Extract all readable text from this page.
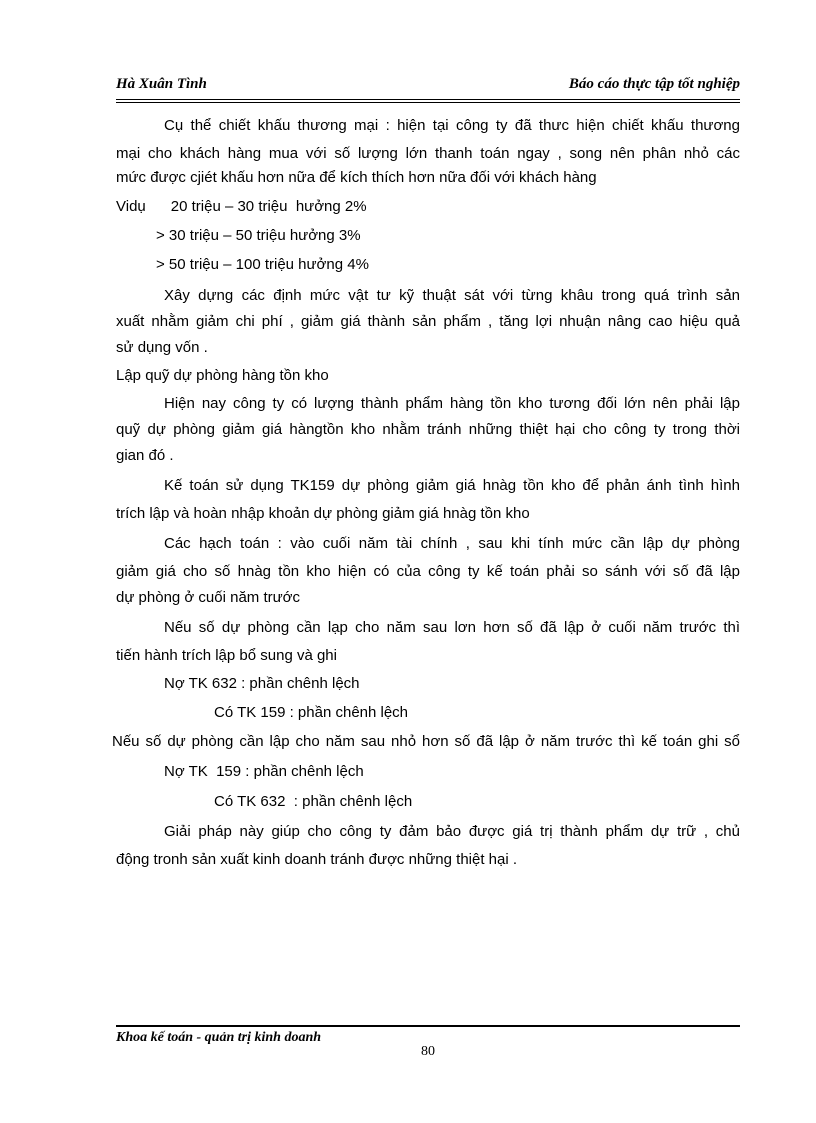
Hà Xuân Tình	Báo cáo thực tập tốt nghiệp
Cụ thể chiết khấu thương mại : hiện tại công ty đã thưc hiện chiết khấu thương
mại cho khách hàng mua với số lượng lớn thanh toán ngay , song nên phân nhỏ các
mức được cjiét khấu hơn nữa để kích thích hơn nữa đối với khách hàng
Vidụ      20 triệu – 30 triệu  hưởng 2%
> 30 triệu – 50 triệu hưởng 3%
> 50 triệu – 100 triệu hưởng 4%
Xây dựng các định mức vật tư kỹ thuật sát với từng khâu trong quá trình sản
xuất nhằm giảm chi phí , giảm giá thành sản phẩm , tăng lợi nhuận nâng cao hiệu quả
sử dụng vốn .
Lập quỹ dự phòng hàng tồn kho
Hiện nay công ty có lượng thành phẩm hàng tồn kho tương đối lớn nên phải lập
quỹ dự phòng giảm giá hàngtồn kho nhằm tránh những thiệt hại cho công ty trong thời
gian đó .
Kế toán sử dụng TK159 dự phòng giảm giá hnàg tồn kho để phản ánh tình hình
trích lập và hoàn nhập khoản dự phòng giảm giá hnàg tồn kho
Các hạch toán : vào cuối năm tài chính , sau khi tính mức cần lập dự phòng
giảm giá cho số hnàg tồn kho hiện có của công ty kế toán phải so sánh với số đã lập
dự phòng ở cuối năm trước
Nếu số dự phòng cần lạp cho năm sau lơn hơn số đã lập ở cuối năm trước thì
tiến hành trích lập bổ sung và ghi
Nợ TK 632 : phần chênh lệch
Có TK 159 : phần chênh lệch
Nếu số dự phòng cần lập cho năm sau nhỏ hơn số đã lập ở năm trước thì kế toán ghi sổ
Nợ TK  159 : phần chênh lệch
Có TK 632  : phần chênh lệch
Giải pháp này giúp cho công ty đảm bảo được giá trị thành phẩm dự trữ , chủ
động tronh sản xuất kinh doanh tránh được những thiệt hại .
Khoa kế toán - quản trị kinh doanh
80
